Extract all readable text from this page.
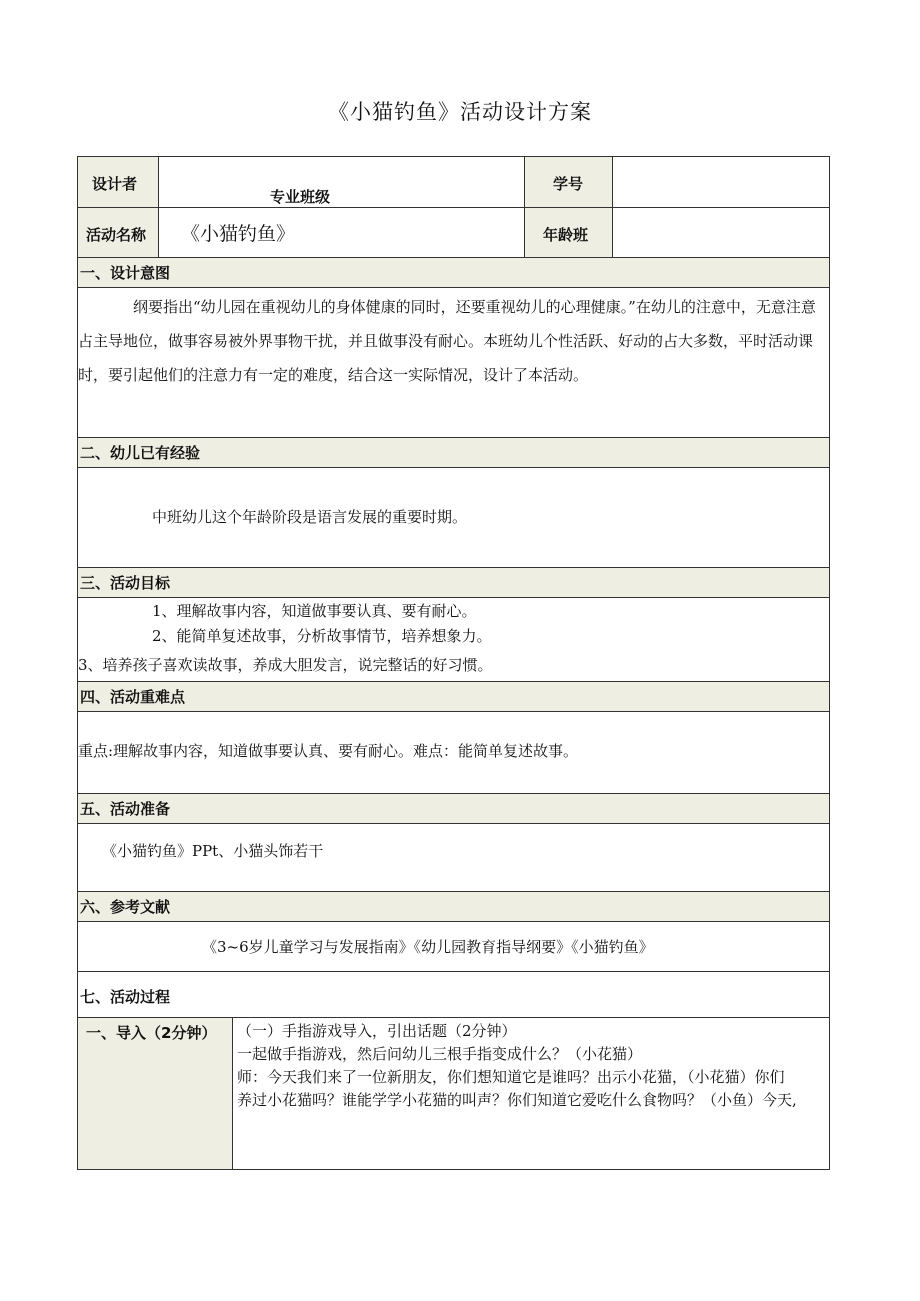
《小猫钓鱼》活动设计方案
设计者
专业班级
学号
活动名称 《小猫钓鱼》	年龄班
一、设计意图

纲要指出“幼儿园在重视幼儿的身体健康的同时，还要重视幼儿的心理健康。”在幼儿的注意中，无意注意占主导地位，做事容易被外界事物干扰，并且做事没有耐心。本班幼儿个性活跃、好动的占大多数，平时活动课时，要引起他们的注意力有一定的难度，结合这一实际情况，设计了本活动。

二、幼儿已有经验

中班幼儿这个年龄阶段是语言发展的重要时期。

三、活动目标

1、理解故事内容，知道做事要认真、要有耐心。

2、能简单复述故事，分析故事情节，培养想象力。

3、培养孩子喜欢读故事，养成大胆发言，说完整话的好习惯。

四、活动重难点

重点:理解故事内容，知道做事要认真、要有耐心。难点：能简单复述故事。

五、活动准备

《小猫钓鱼》PPt、小猫头饰若干

六、参考文献

《3~6岁儿童学习与发展指南》《幼儿园教育指导纲要》《小猫钓鱼》

七、活动过程
一、导入（2分钟） （一）手指游戏导入，引出话题（2分钟）

一起做手指游戏，然后问幼儿三根手指变成什么？（小花猫）

师：今天我们来了一位新朋友，你们想知道它是谁吗？出示小花猫，（小花猫）你们

养过小花猫吗？谁能学学小花猫的叫声？你们知道它爱吃什么食物吗？（小鱼）今天,
